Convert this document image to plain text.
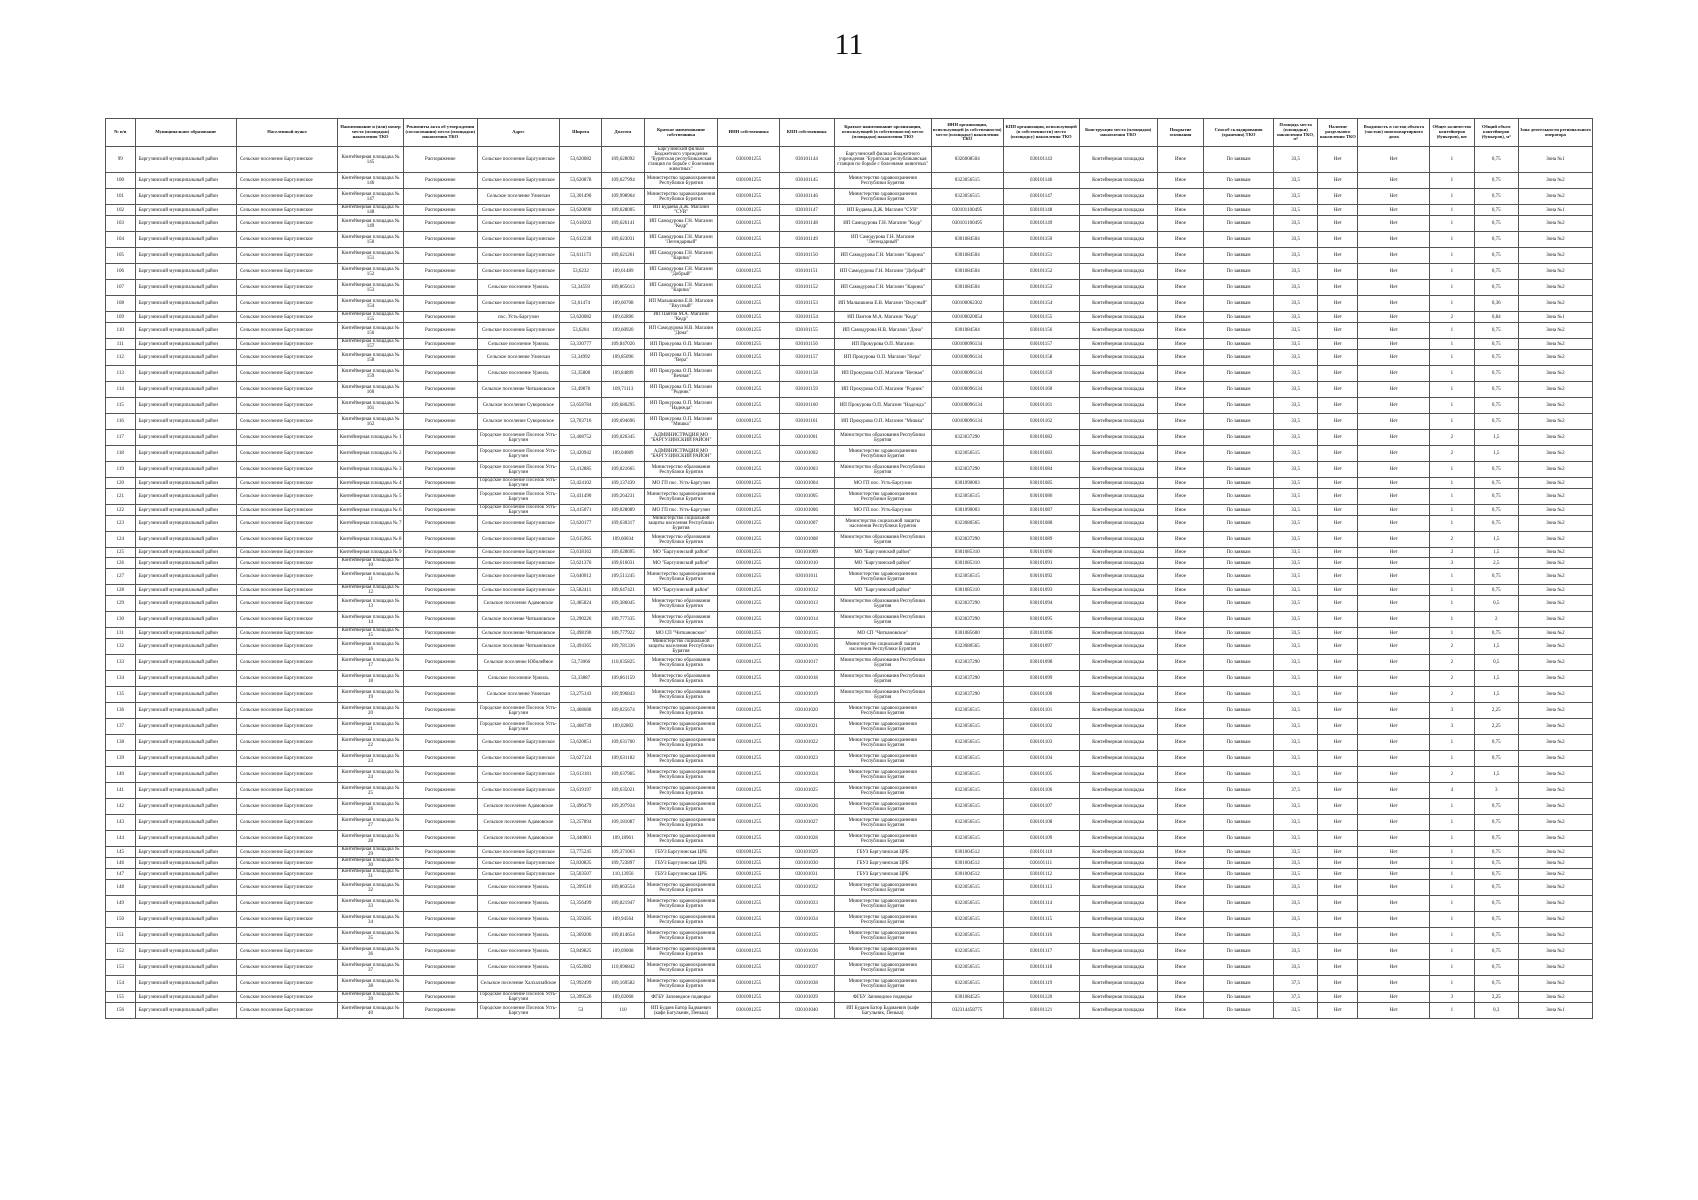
11
№ п/п	Муниципальное образование	Населенный пункт	Наименование и (или) номер места (площадки) накопления ТКО	Реквизиты акта об утверждении (согласовании) места (площадки) накопления ТКО	Адрес	Широта	Долгота	Краткое наименование собственника	ИНН собственника	КПП собственника	Краткое наименование организации, использующей (в собственности) место (площадки) накопления ТКО	ИНН организации, использующей (в собственности) место (площадку) накопления ТКО	КПП организации, использующей (в собственности) место (площадку) накопления ТКО	Конструкция места (площадки) накопления ТКО	Покрытие основания	Способ складирования (хранения) ТКО	Площадь места (площадки) накопления ТКО, м²	Наличие раздельного накопления ТКО	Входимость в состав объекта (частью) многоквартирного дома	Общее количество контейнеров (бункеров), шт	Общий объем контейнеров (бункеров), м³	Зона деятельности регионального оператора
99	Баргузинский муниципальный район	Сельское поселение Баргузинское	Контейнерная площадка № 145	Распоряжение	Сельское поселение Баргузинское	53,620082	109,628092	Баргузинский филиал Бюджетного учреждения "Бурятская республиканская станция по борьбе с болезнями животных"	0301001255	030101144	Баргузинский филиал Бюджетного учреждения "Бурятская республиканская станция по борьбе с болезнями животных"	0326008504	030101143	Контейнерная площадка	Иное	По заявкам	33,5	Нет	Нет	1	0,75	Зона №1
100	Баргузинский муниципальный район	Сельское поселение Баргузинское	Контейнерная площадка № 146	Распоряжение	Сельское поселение Баргузинское	53,620878	109,627994	Министерство здравоохранения Республики Бурятия	0301001255	030101145	Министерство здравоохранения Республики Бурятия	0323056515	030101146	Контейнерная площадка	Иное	По заявкам	33,5	Нет	Нет	1	0,75	Зона №2
101	Баргузинский муниципальный район	Сельское поселение Баргузинское	Контейнерная площадка № 147	Распоряжение	Сельское поселение Улюнхан	53,301490	109,998964	Министерство здравоохранения Республики Бурятия	0301001255	030101146	Министерство здравоохранения Республики Бурятия	0323056515	030101147	Контейнерная площадка	Иное	По заявкам	33,5	Нет	Нет	1	0,75	Зона №2
102	Баргузинский муниципальный район	Сельское поселение Баргузинское	Контейнерная площадка № 148	Распоряжение	Сельское поселение Баргузинское	53,620090	109,628005	ИП Будаева Д.Ж. Магазин "СУВ"	0301001255	030101147	ИП Будаева Д.Ж. Магазин "СУВ"	030101100495	030101148	Контейнерная площадка	Иное	По заявкам	33,5	Нет	Нет	1	0,75	Зона №1
103	Баргузинский муниципальный район	Сельское поселение Баргузинское	Контейнерная площадка № 149	Распоряжение	Сельское поселение Баргузинское	53,618202	109,626141	ИП Самодурова Г.Н. Магазин "Кедр"	0301001255	030101148	ИП Самодурова Г.Н. Магазин "Кедр"	030101100495	030101149	Контейнерная площадка	Иное	По заявкам	33,5	Нет	Нет	1	0,75	Зона №2
104	Баргузинский муниципальный район	Сельское поселение Баргузинское	Контейнерная площадка № 150	Распоряжение	Сельское поселение Баргузинское	53,612238	109,623031	ИП Самодурова Г.Н. Магазин "Легендарный"	0301001255	030101149	ИП Самодурова Г.Н. Магазин "Легендарный"	0301084504	030101150	Контейнерная площадка	Иное	По заявкам	33,5	Нет	Нет	1	0,75	Зона №2
105	Баргузинский муниципальный район	Сельское поселение Баргузинское	Контейнерная площадка № 151	Распоряжение	Сельское поселение Баргузинское	53,611173	109,621261	ИП Самодурова Г.Н. Магазин "Карина"	0301001255	030101150	ИП Самодурова Г.Н. Магазин "Карина"	0301084504	030101151	Контейнерная площадка	Иное	По заявкам	33,5	Нет	Нет	1	0,75	Зона №2
106	Баргузинский муниципальный район	Сельское поселение Баргузинское	Контейнерная площадка № 152	Распоряжение	Сельское поселение Баргузинское	53,6232	109,61489	ИП Самодурова Г.Н. Магазин "Добрый"	0301001255	030101151	ИП Самодурова Г.Н. Магазин "Добрый"	0301084504	030101152	Контейнерная площадка	Иное	По заявкам	33,5	Нет	Нет	1	0,75	Зона №2
107	Баргузинский муниципальный район	Сельское поселение Баргузинское	Контейнерная площадка № 153	Распоряжение	Сельское поселение Уржиль	53,34593	109,865613	ИП Самодурова Г.Н. Магазин "Карина"	0301001255	030101152	ИП Самодурова Г.Н. Магазин "Карина"	0301084504	030101153	Контейнерная площадка	Иное	По заявкам	33,5	Нет	Нет	1	0,75	Зона №2
108	Баргузинский муниципальный район	Сельское поселение Баргузинское	Контейнерная площадка № 154	Распоряжение	Сельское поселение Баргузинское	53,61474	109,60708	ИП Малышкина Е.В. Магазин "Вкусный"	0301001255	030101153	ИП Малышкина Е.В. Магазин "Вкусный"	030100062302	030101154	Контейнерная площадка	Иное	По заявкам	33,5	Нет	Нет	1	0,36	Зона №2
109	Баргузинский муниципальный район	Сельское поселение Баргузинское	Контейнерная площадка № 155	Распоряжение	пос. Усть-Баргузин	53,620082	109,62890	ИП Пантов М.А. Магазин "Кедр"	0301001255	030101154	ИП Пантов М.А. Магазин "Кедр"	030100020054	030101155	Контейнерная площадка	Иное	По заявкам	33,5	Нет	Нет	2	0,84	Зона №1
110	Баргузинский муниципальный район	Сельское поселение Баргузинское	Контейнерная площадка № 156	Распоряжение	Сельское поселение Баргузинское	53,6204	109,60920	ИП Самодурова Н.В. Магазин "Дона"	0301001255	030101155	ИП Самодурова Н.В. Магазин "Дона"	0301084504	030101156	Контейнерная площадка	Иное	По заявкам	33,5	Нет	Нет	1	0,75	Зона №2
111	Баргузинский муниципальный район	Сельское поселение Баргузинское	Контейнерная площадка № 157	Распоряжение	Сельское поселение Уржиль	53,330777	109,847026	ИП Прокурова О.П. Магазин	0301001255	030101156	ИП Прокурова О.П. Магазин	030100096134	030101157	Контейнерная площадка	Иное	По заявкам	33,5	Нет	Нет	1	0,75	Зона №2
112	Баргузинский муниципальный район	Сельское поселение Баргузинское	Контейнерная площадка № 158	Распоряжение	Сельское поселение Улюнхан	53,34992	109,85096	ИП Прокурова О.П. Магазин "Вера"	0301001255	030101157	ИП Прокурова О.П. Магазин "Вера"	030100096134	030101158	Контейнерная площадка	Иное	По заявкам	33,5	Нет	Нет	1	0,75	Зона №2
113	Баргузинский муниципальный район	Сельское поселение Баргузинское	Контейнерная площадка № 159	Распоряжение	Сельское поселение Уржиль	53,35808	109,84899	ИП Прокурова О.П. Магазин "Вечная"	0301001255	030101158	ИП Прокурова О.П. Магазин "Вечная"	030100096134	030101159	Контейнерная площадка	Иное	По заявкам	33,5	Нет	Нет	1	0,75	Зона №2
114	Баргузинский муниципальный район	Сельское поселение Баргузинское	Контейнерная площадка № 160	Распоряжение	Сельское поселение Читкановское	53,49878	109,71113	ИП Прокурова О.П. Магазин "Родник"	0301001255	030101159	ИП Прокурова О.П. Магазин "Родник"	030100096134	030101160	Контейнерная площадка	Иное	По заявкам	33,5	Нет	Нет	1	0,75	Зона №2
115	Баргузинский муниципальный район	Сельское поселение Баргузинское	Контейнерная площадка № 161	Распоряжение	Сельское поселение Суворовское	53,658784	109,686295	ИП Прокурова О.П. Магазин "Надежда"	0301001255	030101160	ИП Прокурова О.П. Магазин "Надежда"	030100096134	030101161	Контейнерная площадка	Иное	По заявкам	33,5	Нет	Нет	1	0,75	Зона №2
116	Баргузинский муниципальный район	Сельское поселение Баргузинское	Контейнерная площадка № 162	Распоряжение	Сельское поселение Суворовское	53,703716	109,694696	ИП Прокурова О.П. Магазин "Мишка"	0301001255	030101161	ИП Прокурова О.П. Магазин "Мишка"	030100096134	030101162	Контейнерная площадка	Иное	По заявкам	33,5	Нет	Нет	1	0,75	Зона №2
117	Баргузинский муниципальный район	Сельское поселение Баргузинское	Контейнерная площадка № 1	Распоряжение	Городское поселение Поселок Усть-Баргузин	53,408752	109,026345	АДМИНИСТРАЦИЯ МО "БАРГУЗИНСКИЙ РАЙОН"	0301001255	030101001	Министерство образования Республики Бурятия	0323037290	030101082	Контейнерная площадка	Иное	По заявкам	33,5	Нет	Нет	2	1,5	Зона №2
118	Баргузинский муниципальный район	Сельское поселение Баргузинское	Контейнерная площадка № 2	Распоряжение	Городское поселение Поселок Усть-Баргузин	53,420942	109,04089	АДМИНИСТРАЦИЯ МО "БАРГУЗИНСКИЙ РАЙОН"	0301001255	030101002	Министерство здравоохранения Республики Бурятия	0323056515	030101083	Контейнерная площадка	Иное	По заявкам	33,5	Нет	Нет	2	1,5	Зона №2
119	Баргузинский муниципальный район	Сельское поселение Баргузинское	Контейнерная площадка № 3	Распоряжение	Городское поселение Поселок Усть-Баргузин	53,412885	109,021665	Министерство образования Республики Бурятия	0301001255	030101003	Министерство образования Республики Бурятия	0323037290	030101084	Контейнерная площадка	Иное	По заявкам	33,5	Нет	Нет	1	0,75	Зона №2
120	Баргузинский муниципальный район	Сельское поселение Баргузинское	Контейнерная площадка № 4	Распоряжение	Городское поселение Поселок Усть-Баргузин	53,424102	109,137439	МО ГП пос. Усть-Баргузин	0301001255	030101004	МО ГП пос. Усть-Баргузин	0301090003	030101085	Контейнерная площадка	Иное	По заявкам	33,5	Нет	Нет	1	0,75	Зона №2
121	Баргузинский муниципальный район	Сельское поселение Баргузинское	Контейнерная площадка № 5	Распоряжение	Городское поселение Поселок Усть-Баргузин	53,431490	109,264231	Министерство здравоохранения Республики Бурятия	0301001255	030101005	Министерство здравоохранения Республики Бурятия	0323056515	030101086	Контейнерная площадка	Иное	По заявкам	33,5	Нет	Нет	1	0,75	Зона №2
122	Баргузинский муниципальный район	Сельское поселение Баргузинское	Контейнерная площадка № 6	Распоряжение	Городское поселение Поселок Усть-Баргузин	53,415071	109,028089	МО ГП пос. Усть-Баргузин	0301001255	030101006	МО ГП пос. Усть-Баргузин	0301090003	030101087	Контейнерная площадка	Иное	По заявкам	33,5	Нет	Нет	1	0,75	Зона №2
123	Баргузинский муниципальный район	Сельское поселение Баргузинское	Контейнерная площадка № 7	Распоряжение	Сельское поселение Баргузинское	53,620177	109,630317	Министерство социальной защиты населения Республики Бурятия	0301001255	030101007	Министерство социальной защиты населения Республики Бурятия	0323080565	030101088	Контейнерная площадка	Иное	По заявкам	33,5	Нет	Нет	1	0,75	Зона №2
124	Баргузинский муниципальный район	Сельское поселение Баргузинское	Контейнерная площадка № 8	Распоряжение	Сельское поселение Баргузинское	53,615965	109,60034	Министерство образования Республики Бурятия	0301001255	030101008	Министерство образования Республики Бурятия	0323037290	030101089	Контейнерная площадка	Иное	По заявкам	33,5	Нет	Нет	2	1,5	Зона №2
125	Баргузинский муниципальный район	Сельское поселение Баргузинское	Контейнерная площадка № 9	Распоряжение	Сельское поселение Баргузинское	53,618162	109,628695	МО "Баргузинский район"	0301001255	030101009	МО "Баргузинский район"	0301085310	030101090	Контейнерная площадка	Иное	По заявкам	33,5	Нет	Нет	2	1,5	Зона №2
126	Баргузинский муниципальный район	Сельское поселение Баргузинское	Контейнерная площадка № 10	Распоряжение	Сельское поселение Баргузинское	53,621376	109,616031	МО "Баргузинский район"	0301001255	030101010	МО "Баргузинский район"	0301085310	030101091	Контейнерная площадка	Иное	По заявкам	33,5	Нет	Нет	3	2,5	Зона №2
127	Баргузинский муниципальный район	Сельское поселение Баргузинское	Контейнерная площадка № 11	Распоряжение	Сельское поселение Баргузинское	53,640012	109,511245	Министерство здравоохранения Республики Бурятия	0301001255	030101011	Министерство здравоохранения Республики Бурятия	0323056515	030101092	Контейнерная площадка	Иное	По заявкам	33,5	Нет	Нет	1	0,75	Зона №2
128	Баргузинский муниципальный район	Сельское поселение Баргузинское	Контейнерная площадка № 12	Распоряжение	Сельское поселение Баргузинское	53,582411	109,647421	МО "Баргузинский район"	0301001255	030101012	МО "Баргузинский район"	0301085310	030101093	Контейнерная площадка	Иное	По заявкам	33,5	Нет	Нет	1	0,75	Зона №2
129	Баргузинский муниципальный район	Сельское поселение Баргузинское	Контейнерная площадка № 13	Распоряжение	Сельское поселение Адамовское	53,485824	109,386045	Министерство образования Республики Бурятия	0301001255	030101013	Министерство образования Республики Бурятия	0323037290	030101094	Контейнерная площадка	Иное	По заявкам	33,5	Нет	Нет	1	0,5	Зона №2
130	Баргузинский муниципальный район	Сельское поселение Баргузинское	Контейнерная площадка № 14	Распоряжение	Сельское поселение Читкановское	53,290226	109,777335	Министерство образования Республики Бурятия	0301001255	030101014	Министерство образования Республики Бурятия	0323037290	030101095	Контейнерная площадка	Иное	По заявкам	33,5	Нет	Нет	1	2	Зона №2
131	Баргузинский муниципальный район	Сельское поселение Баргузинское	Контейнерная площадка № 15	Распоряжение	Сельское поселение Читкановское	53,498190	109,777922	МО СП "Читкановское"	0301001255	030101015	МО СП "Читкановское"	0301085600	030101096	Контейнерная площадка	Иное	По заявкам	33,5	Нет	Нет	1	0,75	Зона №2
132	Баргузинский муниципальный район	Сельское поселение Баргузинское	Контейнерная площадка № 16	Распоряжение	Сельское поселение Читкановское	53,494365	109,781336	Министерство социальной защиты населения Республики Бурятия	0301001255	030101016	Министерство социальной защиты населения Республики Бурятия	0323080565	030101097	Контейнерная площадка	Иное	По заявкам	33,5	Нет	Нет	2	1,5	Зона №2
133	Баргузинский муниципальный район	Сельское поселение Баргузинское	Контейнерная площадка № 17	Распоряжение	Сельское поселение Юбилейное	53,73066	110,035825	Министерство образования Республики Бурятия	0301001255	030101017	Министерство образования Республики Бурятия	0323037290	030101098	Контейнерная площадка	Иное	По заявкам	33,5	Нет	Нет	2	0,5	Зона №2
134	Баргузинский муниципальный район	Сельское поселение Баргузинское	Контейнерная площадка № 18	Распоряжение	Сельское поселение Уржиль	53,33887	109,861159	Министерство образования Республики Бурятия	0301001255	030101018	Министерство образования Республики Бурятия	0323037290	030101099	Контейнерная площадка	Иное	По заявкам	33,5	Нет	Нет	2	1,5	Зона №2
135	Баргузинский муниципальный район	Сельское поселение Баргузинское	Контейнерная площадка № 19	Распоряжение	Сельское поселение Улюнхан	53,275143	109,996843	Министерство образования Республики Бурятия	0301001255	030101019	Министерство образования Республики Бурятия	0323037290	030101100	Контейнерная площадка	Иное	По заявкам	33,5	Нет	Нет	2	1,5	Зона №2
136	Баргузинский муниципальный район	Сельское поселение Баргузинское	Контейнерная площадка № 20	Распоряжение	Городское поселение Поселок Усть-Баргузин	53,408688	109,025674	Министерство здравоохранения Республики Бурятия	0301001255	030101020	Министерство здравоохранения Республики Бурятия	0323056515	030101101	Контейнерная площадка	Иное	По заявкам	33,5	Нет	Нет	3	2,25	Зона №2
137	Баргузинский муниципальный район	Сельское поселение Баргузинское	Контейнерная площадка № 21	Распоряжение	Городское поселение Поселок Усть-Баргузин	53,408739	109,02802	Министерство здравоохранения Республики Бурятия	0301001255	030101021	Министерство здравоохранения Республики Бурятия	0323056515	030101102	Контейнерная площадка	Иное	По заявкам	33,5	Нет	Нет	3	2,25	Зона №2
138	Баргузинский муниципальный район	Сельское поселение Баргузинское	Контейнерная площадка № 22	Распоряжение	Сельское поселение Баргузинское	53,620851	109,631760	Министерство здравоохранения Республики Бурятия	0301001255	030101022	Министерство здравоохранения Республики Бурятия	0323056515	030101103	Контейнерная площадка	Иное	По заявкам	33,5	Нет	Нет	1	0,75	Зона №2
139	Баргузинский муниципальный район	Сельское поселение Баргузинское	Контейнерная площадка № 23	Распоряжение	Сельское поселение Баргузинское	53,627124	109,631182	Министерство здравоохранения Республики Бурятия	0301001255	030101023	Министерство здравоохранения Республики Бурятия	0323056515	030101104	Контейнерная площадка	Иное	По заявкам	33,5	Нет	Нет	1	0,75	Зона №2
140	Баргузинский муниципальный район	Сельское поселение Баргузинское	Контейнерная площадка № 24	Распоряжение	Сельское поселение Баргузинское	53,613181	109,637965	Министерство здравоохранения Республики Бурятия	0301001255	030101024	Министерство здравоохранения Республики Бурятия	0323056515	030101105	Контейнерная площадка	Иное	По заявкам	33,5	Нет	Нет	2	1,5	Зона №2
141	Баргузинский муниципальный район	Сельское поселение Баргузинское	Контейнерная площадка № 25	Распоряжение	Сельское поселение Баргузинское	53,619197	109,635021	Министерство здравоохранения Республики Бурятия	0301001255	030101025	Министерство здравоохранения Республики Бурятия	0323056515	030101106	Контейнерная площадка	Иное	По заявкам	37,5	Нет	Нет	4	3	Зона №2
142	Баргузинский муниципальный район	Сельское поселение Баргузинское	Контейнерная площадка № 26	Распоряжение	Сельское поселение Адамовское	53,496479	109,397934	Министерство здравоохранения Республики Бурятия	0301001255	030101026	Министерство здравоохранения Республики Бурятия	0323056515	030101107	Контейнерная площадка	Иное	По заявкам	33,5	Нет	Нет	1	0,75	Зона №2
143	Баргузинский муниципальный район	Сельское поселение Баргузинское	Контейнерная площадка № 27	Распоряжение	Сельское поселение Адамовское	53,257894	109,181087	Министерство здравоохранения Республики Бурятия	0301001255	030101027	Министерство здравоохранения Республики Бурятия	0323056515	030101108	Контейнерная площадка	Иное	По заявкам	33,5	Нет	Нет	1	0,75	Зона №2
144	Баргузинский муниципальный район	Сельское поселение Баргузинское	Контейнерная площадка № 28	Распоряжение	Сельское поселение Адамовское	53,440801	109,18961	Министерство здравоохранения Республики Бурятия	0301001255	030101028	Министерство здравоохранения Республики Бурятия	0323056515	030101109	Контейнерная площадка	Иное	По заявкам	33,5	Нет	Нет	1	0,75	Зона №2
145	Баргузинский муниципальный район	Сельское поселение Баргузинское	Контейнерная площадка № 29	Распоряжение	Сельское поселение Баргузинское	53,775245	109,371063	ГБУЗ Баргузинская ЦРБ	0301001255	030101029	ГБУЗ Баргузинская ЦРБ	0301004512	030101110	Контейнерная площадка	Иное	По заявкам	33,5	Нет	Нет	1	0,75	Зона №2
146	Баргузинский муниципальный район	Сельское поселение Баргузинское	Контейнерная площадка № 30	Распоряжение	Сельское поселение Баргузинское	53,830835	109,723897	ГБУЗ Баргузинская ЦРБ	0301001255	030101030	ГБУЗ Баргузинская ЦРБ	0301004512	030101111	Контейнерная площадка	Иное	По заявкам	33,5	Нет	Нет	1	0,75	Зона №2
147	Баргузинский муниципальный район	Сельское поселение Баргузинское	Контейнерная площадка № 31	Распоряжение	Сельское поселение Баргузинское	53,503507	110,13956	ГБУЗ Баргузинская ЦРБ	0301001255	030101031	ГБУЗ Баргузинская ЦРБ	0301004512	030101112	Контейнерная площадка	Иное	По заявкам	33,5	Нет	Нет	1	0,75	Зона №2
148	Баргузинский муниципальный район	Сельское поселение Баргузинское	Контейнерная площадка № 32	Распоряжение	Сельское поселение Уржиль	53,399510	109,863554	Министерство здравоохранения Республики Бурятия	0301001255	030101032	Министерство здравоохранения Республики Бурятия	0323056515	030101113	Контейнерная площадка	Иное	По заявкам	33,5	Нет	Нет	1	0,75	Зона №2
149	Баргузинский муниципальный район	Сельское поселение Баргузинское	Контейнерная площадка № 33	Распоряжение	Сельское поселение Уржиль	53,356499	109,821947	Министерство здравоохранения Республики Бурятия	0301001255	030101033	Министерство здравоохранения Республики Бурятия	0323056515	030101114	Контейнерная площадка	Иное	По заявкам	33,5	Нет	Нет	1	0,75	Зона №2
150	Баргузинский муниципальный район	Сельское поселение Баргузинское	Контейнерная площадка № 34	Распоряжение	Сельское поселение Уржиль	53,359285	109,94564	Министерство здравоохранения Республики Бурятия	0301001255	030101034	Министерство здравоохранения Республики Бурятия	0323056515	030101115	Контейнерная площадка	Иное	По заявкам	33,5	Нет	Нет	1	0,75	Зона №2
151	Баргузинский муниципальный район	Сельское поселение Баргузинское	Контейнерная площадка № 35	Распоряжение	Сельское поселение Уржиль	53,369206	109,814654	Министерство здравоохранения Республики Бурятия	0301001255	030101035	Министерство здравоохранения Республики Бурятия	0323056515	030101116	Контейнерная площадка	Иное	По заявкам	33,5	Нет	Нет	1	0,75	Зона №2
152	Баргузинский муниципальный район	Сельское поселение Баргузинское	Контейнерная площадка № 36	Распоряжение	Сельское поселение Уржиль	53,849825	109,69008	Министерство здравоохранения Республики Бурятия	0301001255	030101036	Министерство здравоохранения Республики Бурятия	0323056515	030101117	Контейнерная площадка	Иное	По заявкам	33,5	Нет	Нет	1	0,75	Зона №2
153	Баргузинский муниципальный район	Сельское поселение Баргузинское	Контейнерная площадка № 37	Распоряжение	Сельское поселение Уржиль	53,652082	110,096842	Министерство здравоохранения Республики Бурятия	0301001255	030101037	Министерство здравоохранения Республики Бурятия	0323056515	030101118	Контейнерная площадка	Иное	По заявкам	33,5	Нет	Нет	1	0,75	Зона №2
154	Баргузинский муниципальный район	Сельское поселение Баргузинское	Контейнерная площадка № 38	Распоряжение	Сельское поселение Халхалзайское	53,992499	109,169582	Министерство здравоохранения Республики Бурятия	0301001255	030101038	Министерство здравоохранения Республики Бурятия	0323056515	030101119	Контейнерная площадка	Иное	По заявкам	37,5	Нет	Нет	1	0,75	Зона №2
155	Баргузинский муниципальный район	Сельское поселение Баргузинское	Контейнерная площадка № 39	Распоряжение	Городское поселение Поселок Усть-Баргузин	53,399526	109,02068	ФГБУ Заповедное подворье	0301001255	030101039	ФГБУ Заповедное подворье	0301084525	030101120	Контейнерная площадка	Иное	По заявкам	37,5	Нет	Нет	3	2,25	Зона №2
156	Баргузинский муниципальный район	Сельское поселение Баргузинское	Контейнерная площадка № 40	Распоряжение	Городское поселение Поселок Усть-Баргузин	53	110	ИП Будаев Батор Бадмаевич (кафе Багульник, Пенька)	0301001255	030101040	ИП Будаев Батор Бадмаевич (кафе Багульник, Пенька)	032314458775	030101121	Контейнерная площадка	Иное	По заявкам	33,5	Нет	Нет	1	0,3	Зона №1
